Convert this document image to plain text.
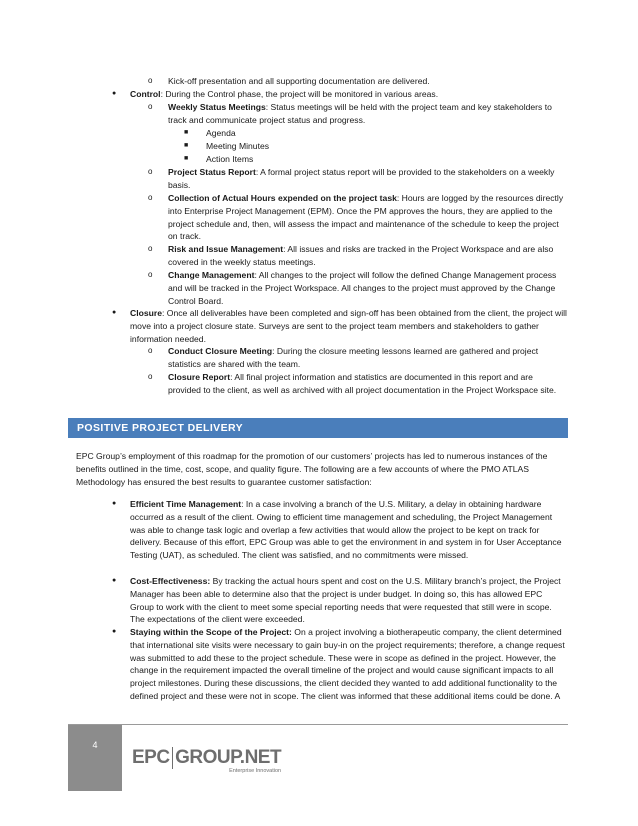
o	Kick-off presentation and all supporting documentation are delivered.
●	Control: During the Control phase, the project will be monitored in various areas.
o	Weekly Status Meetings: Status meetings will be held with the project team and key stakeholders to track and communicate project status and progress.
■	Agenda
■	Meeting Minutes
■	Action Items
o	Project Status Report: A formal project status report will be provided to the stakeholders on a weekly basis.
o	Collection of Actual Hours expended on the project task: Hours are logged by the resources directly into Enterprise Project Management (EPM). Once the PM approves the hours, they are applied to the project schedule and, then, will assess the impact and maintenance of the schedule to keep the project on track.
o	Risk and Issue Management: All issues and risks are tracked in the Project Workspace and are also covered in the weekly status meetings.
o	Change Management: All changes to the project will follow the defined Change Management process and will be tracked in the Project Workspace. All changes to the project must approved by the Change Control Board.
●	Closure: Once all deliverables have been completed and sign-off has been obtained from the client, the project will move into a project closure state. Surveys are sent to the project team members and stakeholders to gather information needed.
o	Conduct Closure Meeting: During the closure meeting lessons learned are gathered and project statistics are shared with the team.
o	Closure Report: All final project information and statistics are documented in this report and are provided to the client, as well as archived with all project documentation in the Project Workspace site.
POSITIVE PROJECT DELIVERY
EPC Group’s employment of this roadmap for the promotion of our customers’ projects has led to numerous instances of the benefits outlined in the time, cost, scope, and quality figure. The following are a few accounts of where the PMO ATLAS Methodology has ensured the best results to guarantee customer satisfaction:
●	Efficient Time Management: In a case involving a branch of the U.S. Military, a delay in obtaining hardware occurred as a result of the client. Owing to efficient time management and scheduling, the Project Management was able to change task logic and overlap a few activities that would allow the project to be kept on track for delivery. Because of this effort, EPC Group was able to get the environment in and system in for User Acceptance Testing (UAT), as scheduled. The client was satisfied, and no commitments were missed.
●	Cost-Effectiveness: By tracking the actual hours spent and cost on the U.S. Military branch’s project, the Project Manager has been able to determine also that the project is under budget. In doing so, this has allowed EPC Group to work with the client to meet some special reporting needs that were requested that still were in scope. The expectations of the client were exceeded.
●	Staying within the Scope of the Project: On a project involving a biotherapeutic company, the client determined that international site visits were necessary to gain buy-in on the project requirements; therefore, a change request was submitted to add these to the project schedule. These were in scope as defined in the project. However, the change in the requirement impacted the overall timeline of the project and would cause significant impacts to all project milestones. During these discussions, the client decided they wanted to add additional functionality to the defined project and these were not in scope. The client was informed that these additional items could be done. A
4
EPC GROUP.NET
Enterprise Innovation
